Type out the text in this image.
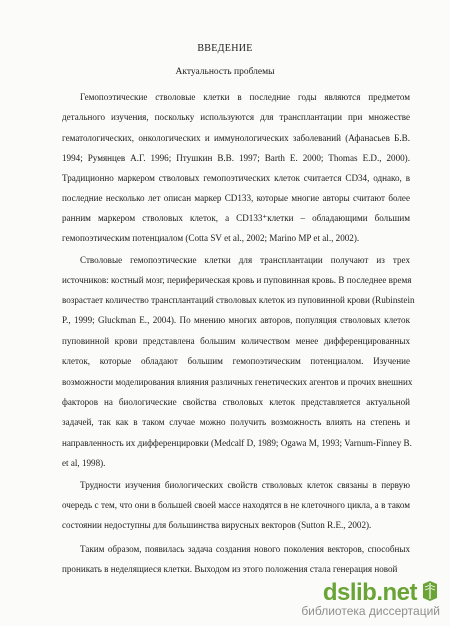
ВВЕДЕНИЕ
Актуальность проблемы
Гемопоэтические стволовые клетки в последние годы являются предметом
детального изучения, поскольку используются для трансплантации при множестве
гематологических, онкологических и иммунологических заболеваний (Афанасьев Б.В.
1994; Румянцев А.Г. 1996; Птушкин В.В. 1997; Barth E. 2000; Thomas E.D., 2000).
Традиционно маркером стволовых гемопоэтических клеток считается CD34, однако, в
последние несколько лет описан маркер CD133, которые многие авторы считают более
ранним маркером стволовых клеток, а CD133⁺клетки – обладающими большим
гемопоэтическим потенциалом (Cotta SV et al., 2002; Marino MP et al., 2002).
Стволовые гемопоэтические клетки для трансплантации получают из трех
источников: костный мозг, периферическая кровь и пуповинная кровь. В последнее время
возрастает количество трансплантаций стволовых клеток из пуповинной крови (Rubinstein
P., 1999; Gluckman E., 2004). По мнению многих авторов, популяция стволовых клеток
пуповинной крови представлена большим количеством менее дифференцированных
клеток, которые обладают большим гемопоэтическим потенциалом. Изучение
возможности моделирования влияния различных генетических агентов и прочих внешних
факторов на биологические свойства стволовых клеток представляется актуальной
задачей, так как в таком случае можно получить возможность влиять на степень и
направленность их дифференцировки (Medcalf D, 1989; Ogawa M, 1993; Varnum-Finney B.
et al, 1998).
Трудности изучения биологических свойств стволовых клеток связаны в первую
очередь с тем, что они в большей своей массе находятся в не клеточного цикла, а в таком
состоянии недоступны для большинства вирусных векторов (Sutton R.E., 2002).
Таким образом, появилась задача создания нового поколения векторов, способных
проникать в неделящиеся клетки. Выходом из этого положения стала генерация новой
dslib.net
библиотека диссертаций
